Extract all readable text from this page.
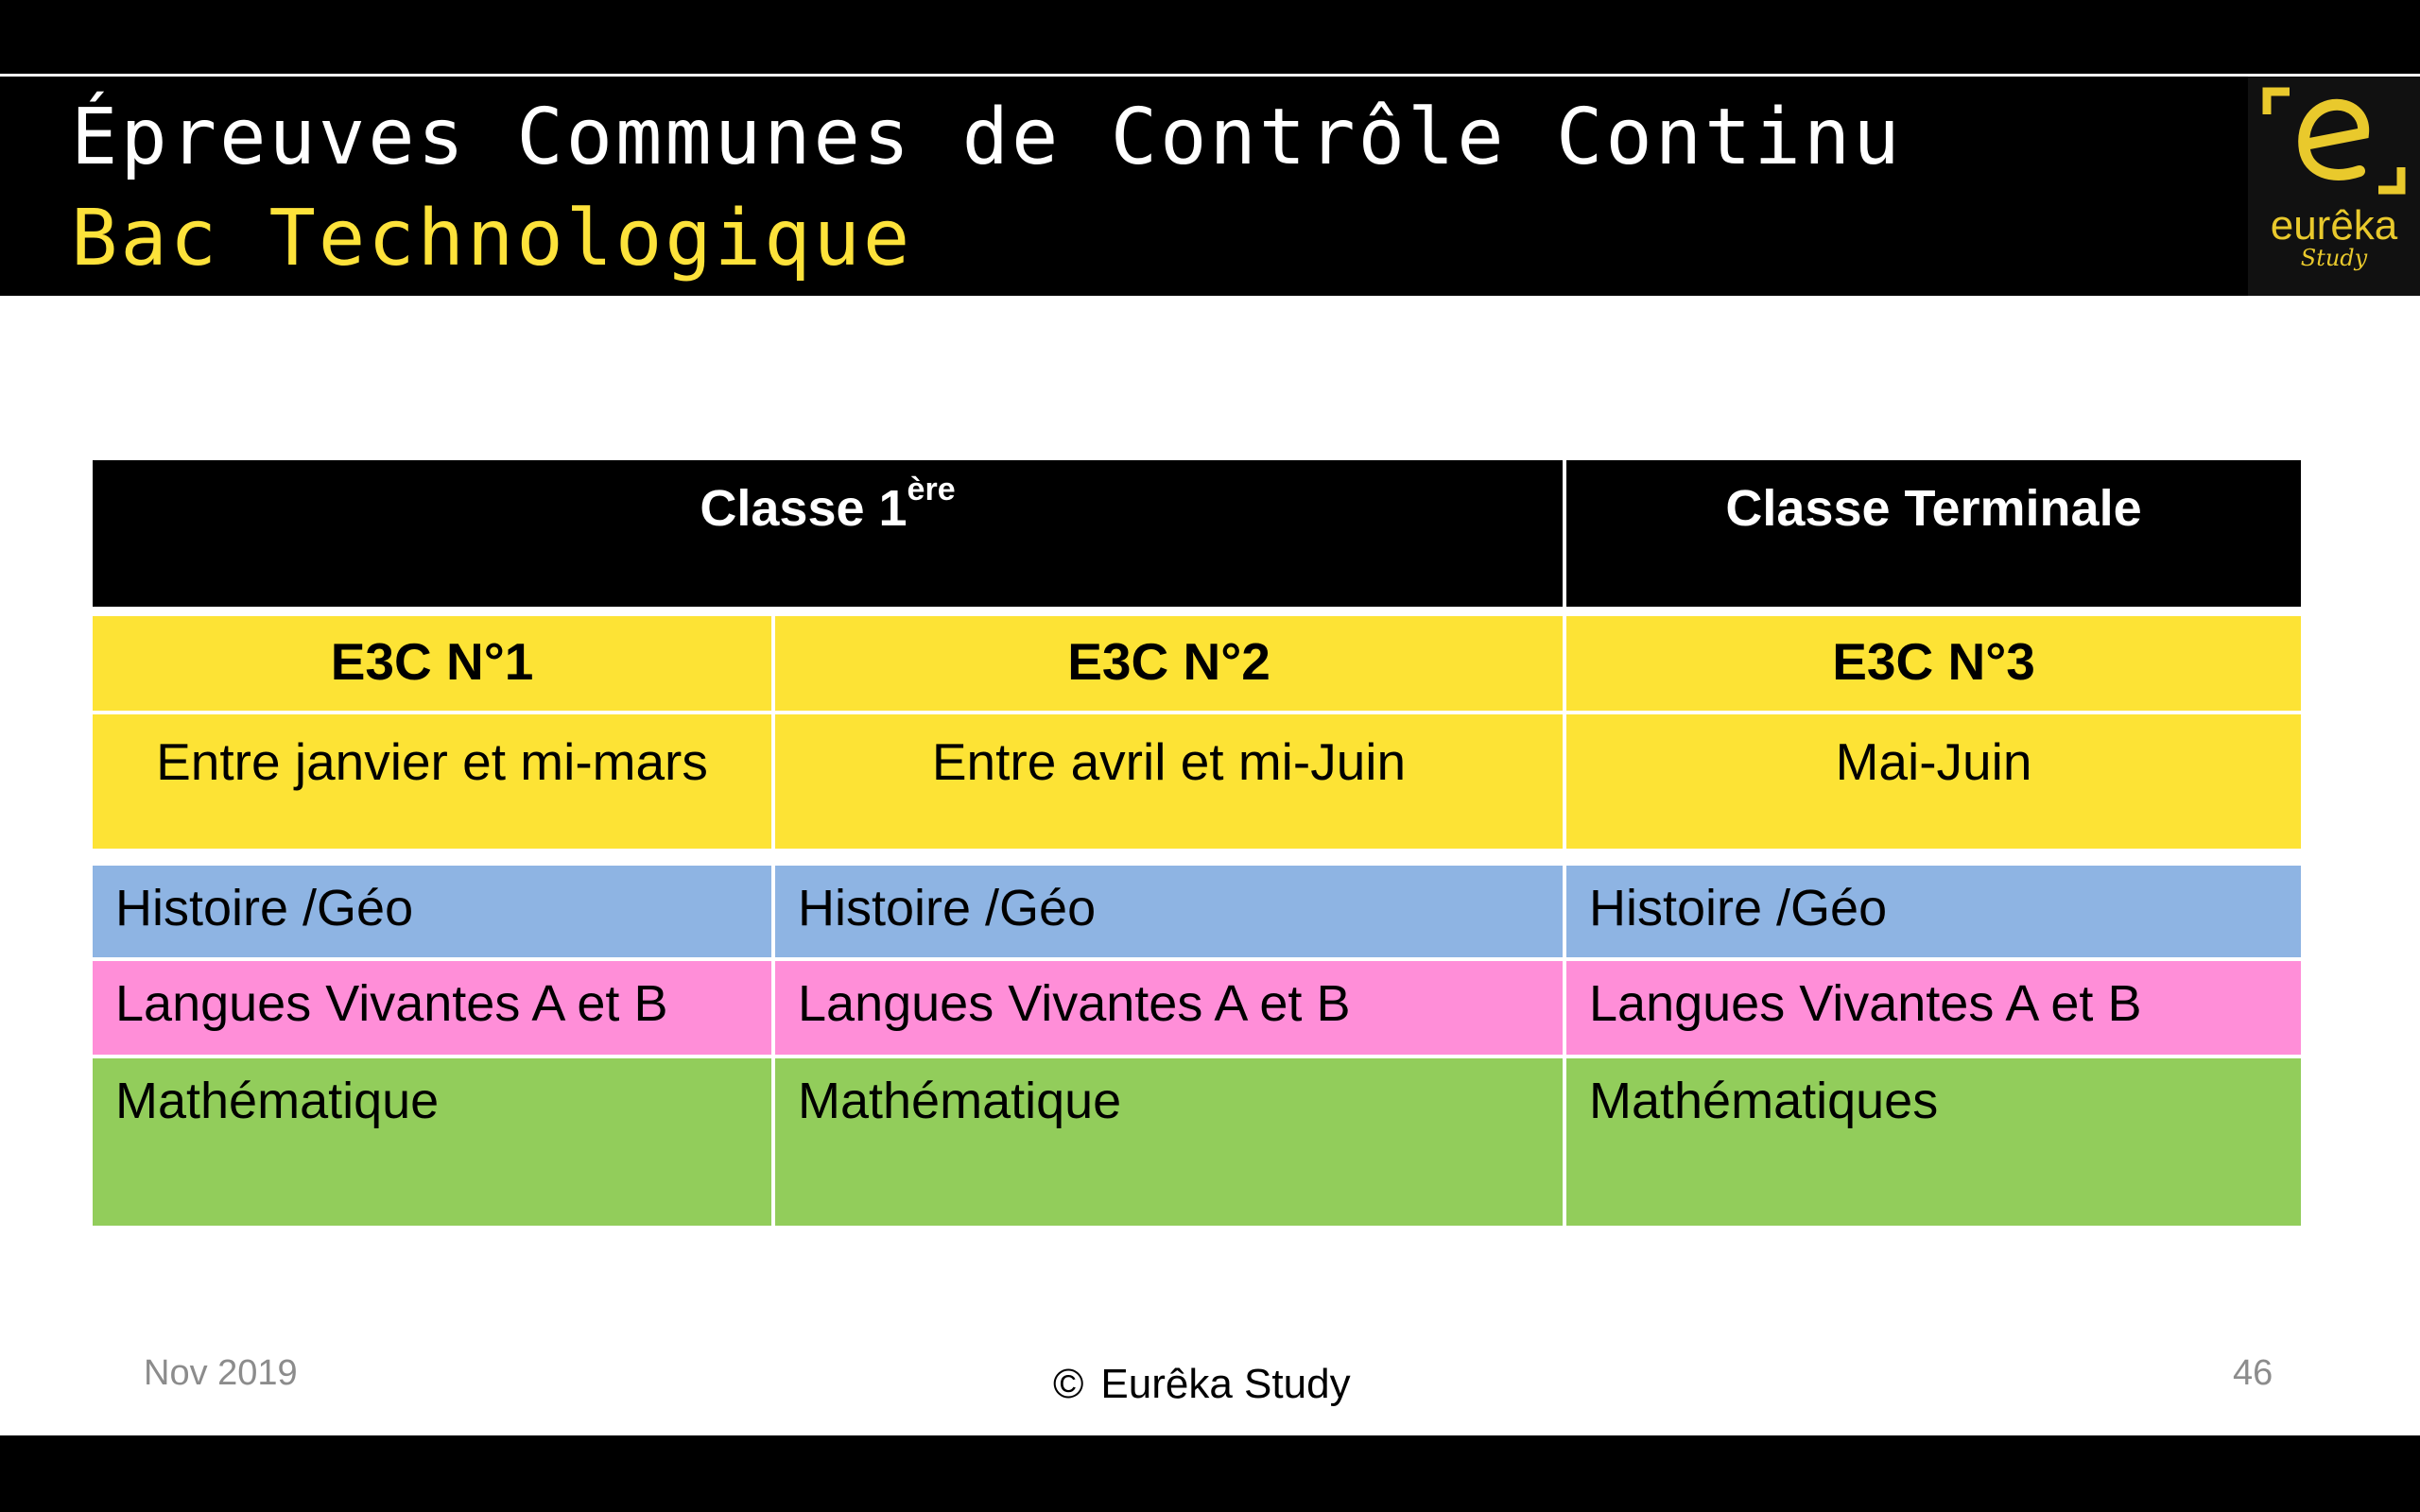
Épreuves Communes de Contrôle Continu
Bac Technologique	eurêka
Study
Classe 1ère	Classe Terminale
E3C N°1	E3C N°2	E3C N°3
Entre janvier et mi-mars	Entre avril et mi-Juin	Mai-Juin
Histoire /Géo	Histoire /Géo	Histoire /Géo
Langues Vivantes A et B	Langues Vivantes A et B	Langues Vivantes A et B
Mathématique	Mathématique	Mathématiques
Nov 2019	© Eurêka Study	46
